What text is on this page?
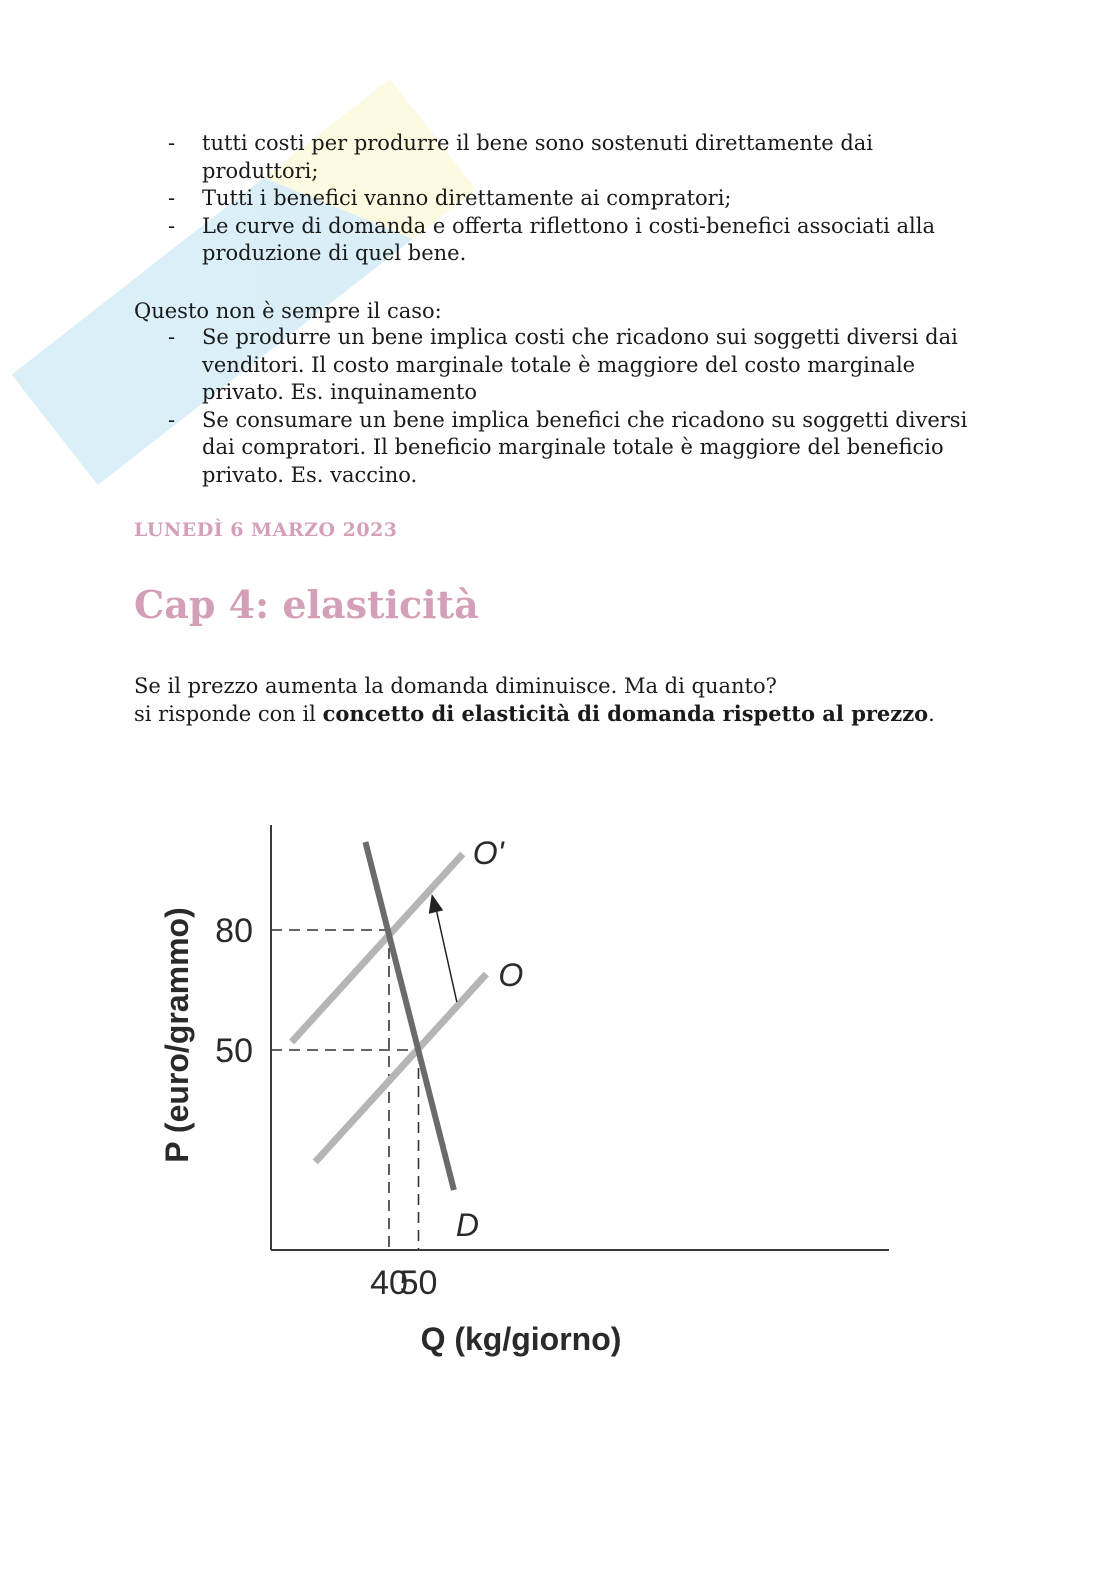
- tutti costi per produrre il bene sono sostenuti direttamente dai produttori;
- Tutti i benefici vanno direttamente ai compratori;
- Le curve di domanda e offerta riflettono i costi-benefici associati alla produzione di quel bene.

Questo non è sempre il caso:

- Se produrre un bene implica costi che ricadono sui soggetti diversi dai venditori. Il costo marginale totale è maggiore del costo marginale privato. Es. inquinamento
- Se consumare un bene implica benefici che ricadono su soggetti diversi dai compratori. Il beneficio marginale totale è maggiore del beneficio privato. Es. vaccino.

LUNEDÌ 6 MARZO 2023

Cap 4: elasticità

Se il prezzo aumenta la domanda diminuisce. Ma di quanto?

si risponde con il concetto di elasticità di domanda rispetto al prezzo.

50
80
40
50
D
O
O'
Q (kg/giorno)
P (euro/grammo)
